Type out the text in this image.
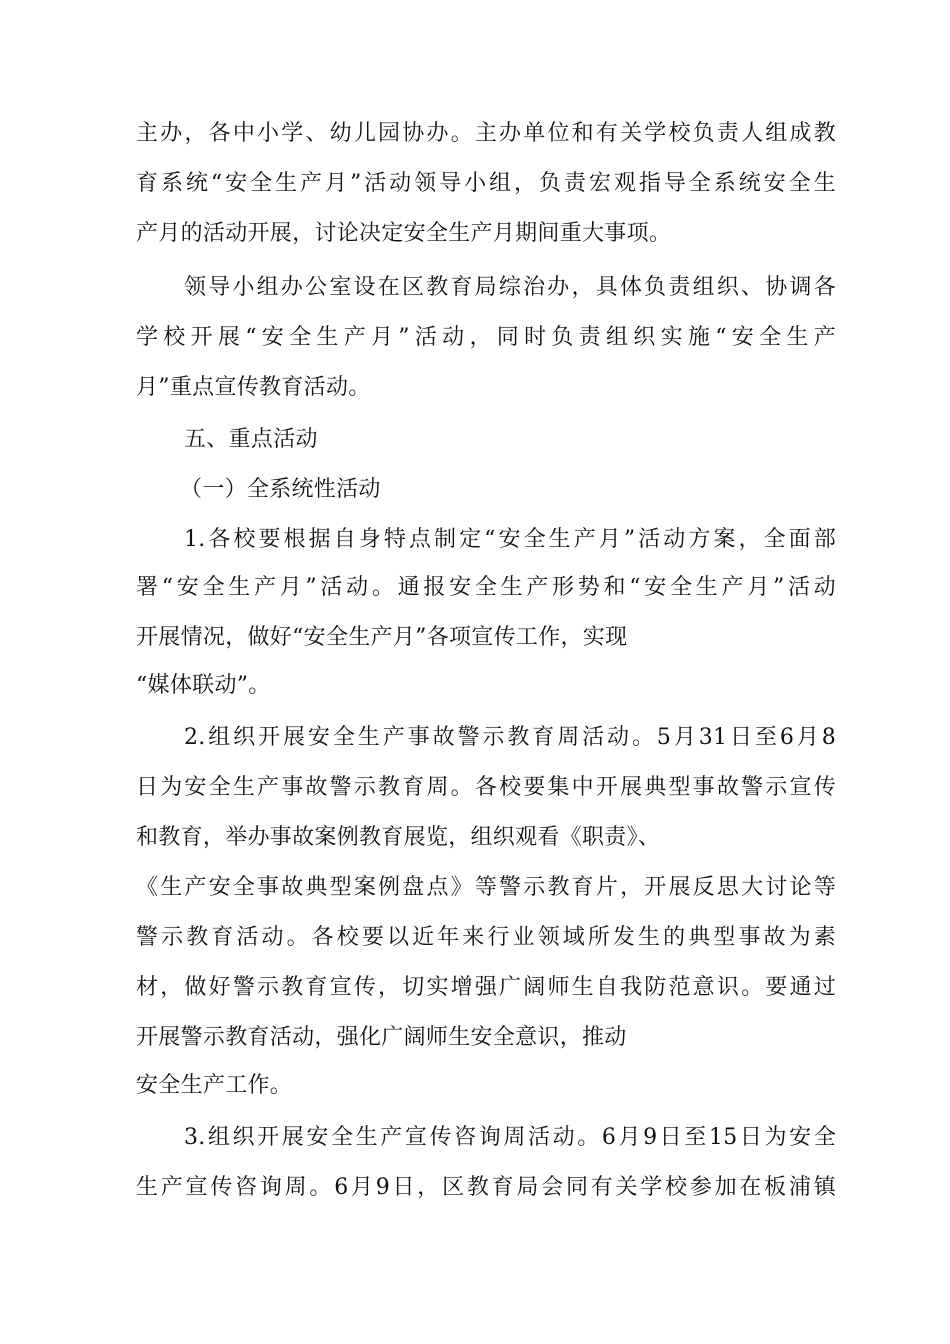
主办，各中小学、幼儿园协办。主办单位和有关学校负责人组成教
育系统“安全生产月”活动领导小组，负责宏观指导全系统安全生
产月的活动开展，讨论决定安全生产月期间重大事项。
领导小组办公室设在区教育局综治办，具体负责组织、协调各
学校开展“安全生产月”活动，同时负责组织实施“安全生产
月”重点宣传教育活动。
五、重点活动
（一）全系统性活动
1.各校要根据自身特点制定“安全生产月”活动方案，全面部
署“安全生产月”活动。通报安全生产形势和“安全生产月”活动
开展情况，做好“安全生产月”各项宣传工作，实现
“媒体联动”。
2.组织开展安全生产事故警示教育周活动。5月31日至6月8
日为安全生产事故警示教育周。各校要集中开展典型事故警示宣传
和教育，举办事故案例教育展览，组织观看《职责》、
《生产安全事故典型案例盘点》等警示教育片，开展反思大讨论等
警示教育活动。各校要以近年来行业领域所发生的典型事故为素
材，做好警示教育宣传，切实增强广阔师生自我防范意识。要通过
开展警示教育活动，强化广阔师生安全意识，推动
安全生产工作。
3.组织开展安全生产宣传咨询周活动。6月9日至15日为安全
生产宣传咨询周。6月9日，区教育局会同有关学校参加在板浦镇
